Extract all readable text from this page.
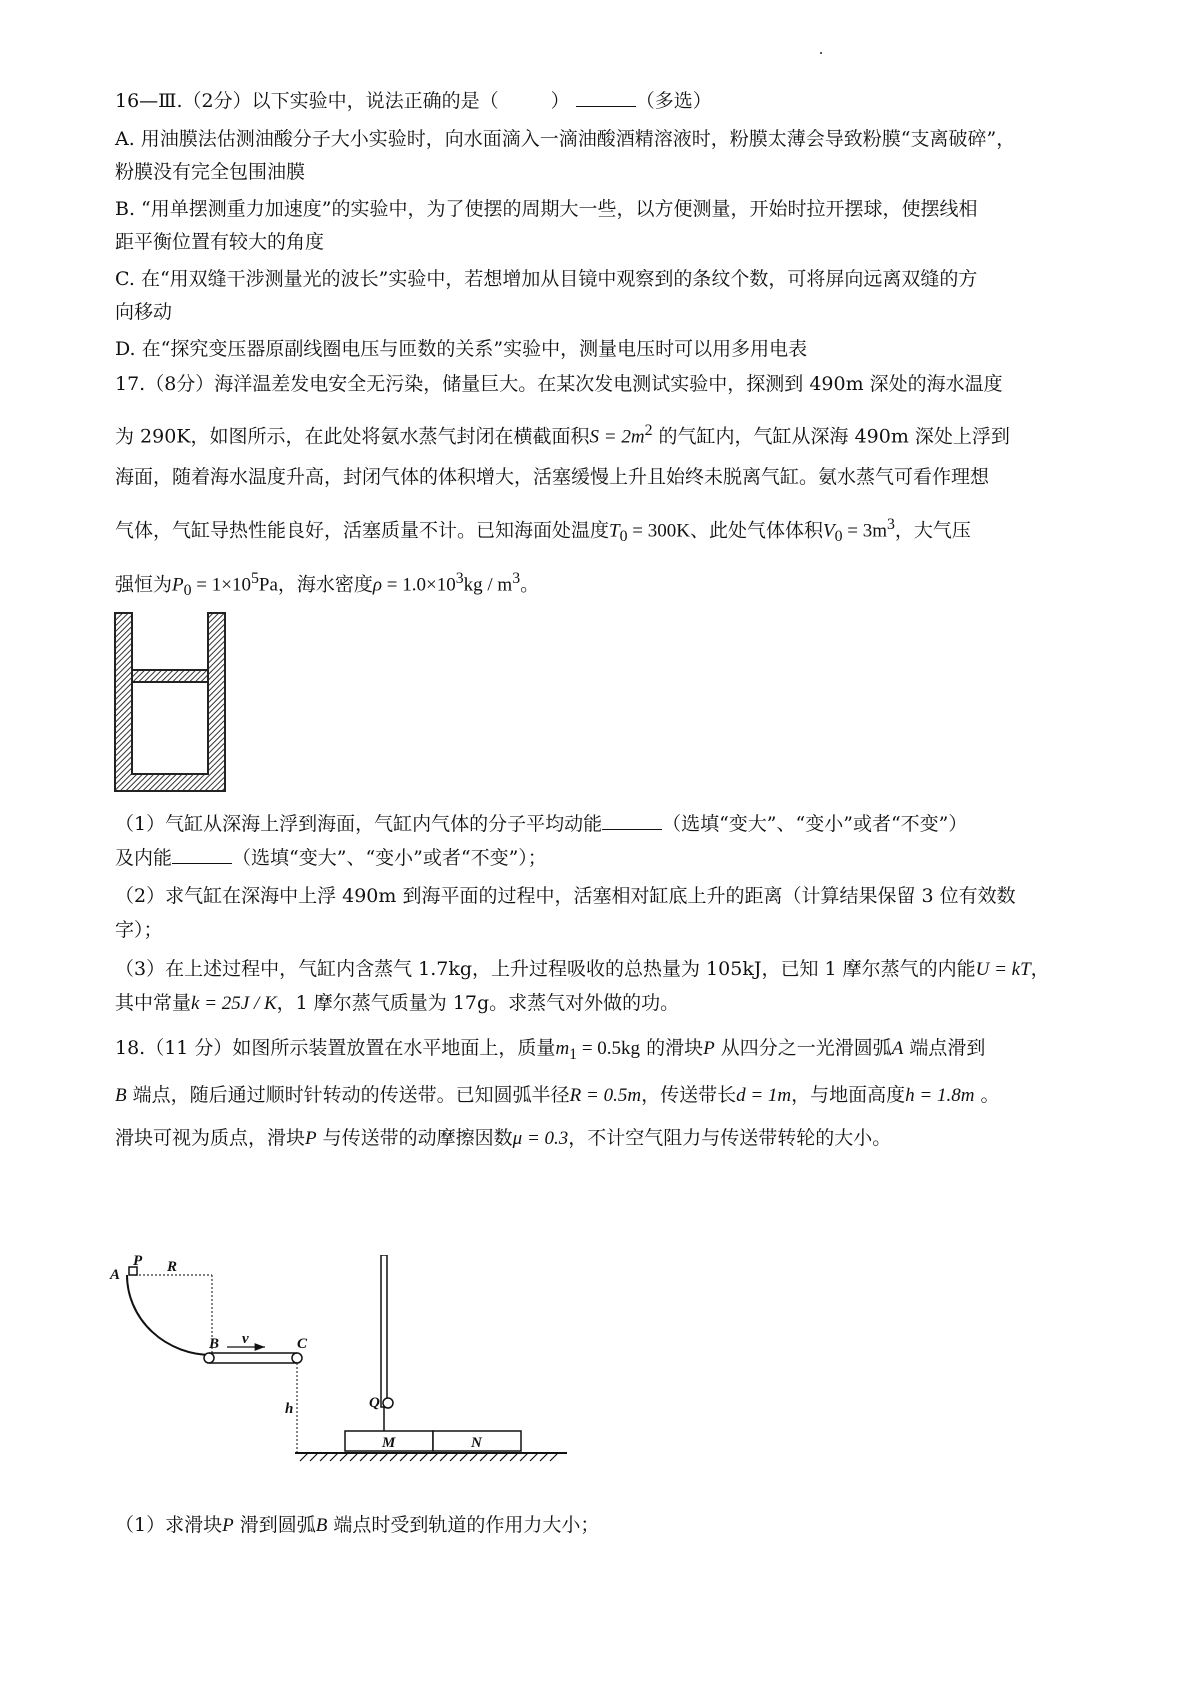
16—Ⅲ.（2分）以下实验中，说法正确的是（	）	（多选）
A. 用油膜法估测油酸分子大小实验时，向水面滴入一滴油酸酒精溶液时，粉膜太薄会导致粉膜“支离破碎”，
粉膜没有完全包围油膜
B. “用单摆测重力加速度”的实验中，为了使摆的周期大一些，以方便测量，开始时拉开摆球，使摆线相
距平衡位置有较大的角度
C. 在“用双缝干涉测量光的波长”实验中，若想增加从目镜中观察到的条纹个数，可将屏向远离双缝的方
向移动
D. 在“探究变压器原副线圈电压与匝数的关系”实验中，测量电压时可以用多用电表
17.（8分）海洋温差发电安全无污染，储量巨大。在某次发电测试实验中，探测到 490m 深处的海水温度
为 290K，如图所示，在此处将氨水蒸气封闭在横截面积$S = 2m^2$ 的气缸内，气缸从深海 490m 深处上浮到
海面，随着海水温度升高，封闭气体的体积增大，活塞缓慢上升且始终未脱离气缸。氨水蒸气可看作理想
气体，气缸导热性能良好，活塞质量不计。已知海面处温度$T_0 = 300K$、此处气体体积$V_0 = 3m^3$，大气压
强恒为$P_0 = 1\times 10^5Pa$，海水密度$\rho = 1.0\times 10^3kg / m^3$。
（1）气缸从深海上浮到海面，气缸内气体的分子平均动能	（选填“变大”、“变小”或者“不变”）
及内能	（选填“变大”、“变小”或者“不变”）；
（2）求气缸在深海中上浮 490m 到海平面的过程中，活塞相对缸底上升的距离（计算结果保留 3 位有效数
字）；
（3）在上述过程中，气缸内含蒸气 1.7kg，上升过程吸收的总热量为 105kJ，已知 1 摩尔蒸气的内能U = kT，
其中常量k = 25J / K，1 摩尔蒸气质量为 17g。求蒸气对外做的功。
18.（11 分）如图所示装置放置在水平地面上，质量$m_1 = 0.5kg$ 的滑块P 从四分之一光滑圆弧A 端点滑到
B 端点，随后通过顺时针转动的传送带。已知圆弧半径R = 0.5m，传送带长d = 1m，与地面高度h = 1.8m 。
滑块可视为质点，滑块P 与传送带的动摩擦因数μ = 0.3，不计空气阻力与传送带转轮的大小。
A
P R
B v	C
h	Q
M	N
（1）求滑块P 滑到圆弧B 端点时受到轨道的作用力大小；
